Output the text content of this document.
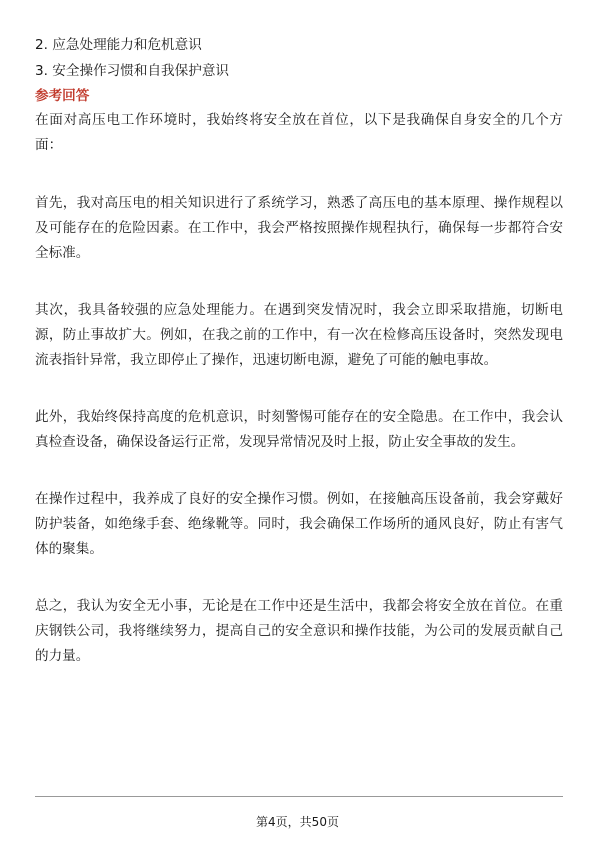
2. 应急处理能力和危机意识

3. 安全操作习惯和自我保护意识

参考回答

在面对高压电工作环境时，我始终将安全放在首位，以下是我确保自身安全的几个方面：

首先，我对高压电的相关知识进行了系统学习，熟悉了高压电的基本原理、操作规程以及可能存在的危险因素。在工作中，我会严格按照操作规程执行，确保每一步都符合安全标准。

其次，我具备较强的应急处理能力。在遇到突发情况时，我会立即采取措施，切断电源，防止事故扩大。例如，在我之前的工作中，有一次在检修高压设备时，突然发现电流表指针异常，我立即停止了操作，迅速切断电源，避免了可能的触电事故。

此外，我始终保持高度的危机意识，时刻警惕可能存在的安全隐患。在工作中，我会认真检查设备，确保设备运行正常，发现异常情况及时上报，防止安全事故的发生。

在操作过程中，我养成了良好的安全操作习惯。例如，在接触高压设备前，我会穿戴好防护装备，如绝缘手套、绝缘靴等。同时，我会确保工作场所的通风良好，防止有害气体的聚集。

总之，我认为安全无小事，无论是在工作中还是生活中，我都会将安全放在首位。在重庆钢铁公司，我将继续努力，提高自己的安全意识和操作技能，为公司的发展贡献自己的力量。

第4页，共50页
